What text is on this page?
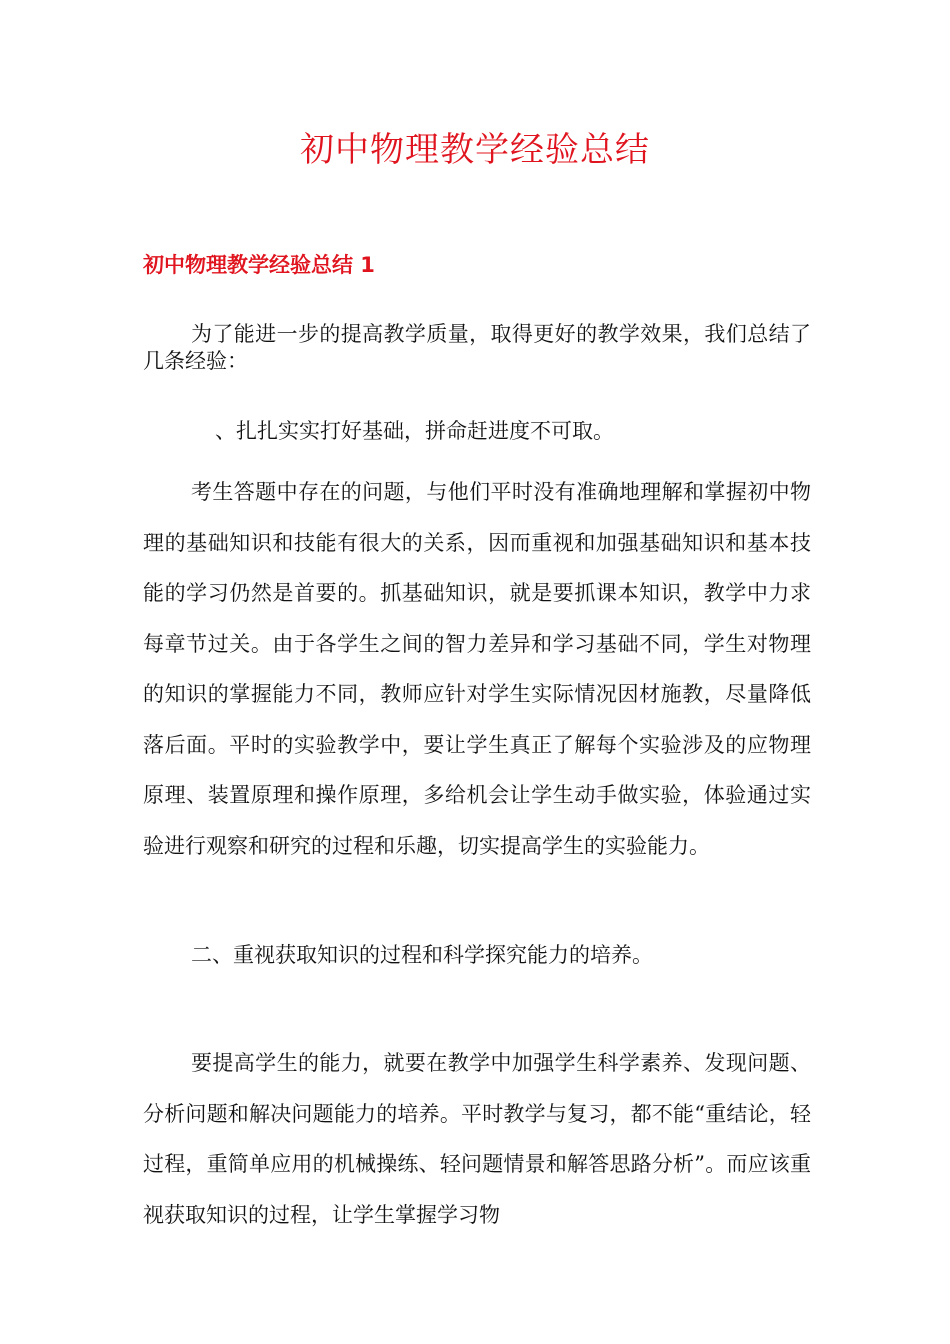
初中物理教学经验总结
初中物理教学经验总结 1

为了能进一步的提高教学质量，取得更好的教学效果，我们总结了几条经验：

、扎扎实实打好基础，拼命赶进度不可取。

考生答题中存在的问题，与他们平时没有准确地理解和掌握初中物理的基础知识和技能有很大的关系，因而重视和加强基础知识和基本技能的学习仍然是首要的。抓基础知识，就是要抓课本知识，教学中力求每章节过关。由于各学生之间的智力差异和学习基础不同，学生对物理的知识的掌握能力不同，教师应针对学生实际情况因材施教，尽量降低落后面。平时的实验教学中，要让学生真正了解每个实验涉及的应物理原理、装置原理和操作原理，多给机会让学生动手做实验，体验通过实验进行观察和研究的过程和乐趣，切实提高学生的实验能力。

二、重视获取知识的过程和科学探究能力的培养。

要提高学生的能力，就要在教学中加强学生科学素养、发现问题、分析问题和解决问题能力的培养。平时教学与复习，都不能“重结论，轻过程，重简单应用的机械操练、轻问题情景和解答思路分析”。而应该重视获取知识的过程，让学生掌握学习物
